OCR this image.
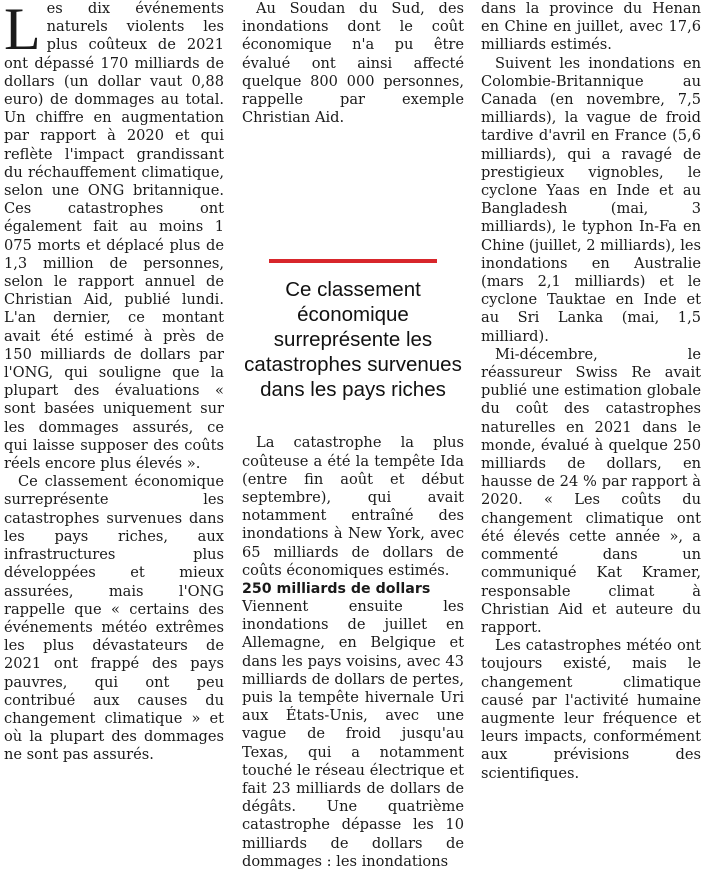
Les dix événements naturels violents les plus coûteux de 2021 ont dépassé 170 milliards de dollars (un dollar vaut 0,88 euro) de dommages au total. Un chiffre en augmentation par rapport à 2020 et qui reflète l'impact grandissant du réchauffement climatique, selon une ONG britannique. Ces catastrophes ont également fait au moins 1 075 morts et déplacé plus de 1,3 million de personnes, selon le rapport annuel de Christian Aid, publié lundi. L'an dernier, ce montant avait été estimé à près de 150 milliards de dollars par l'ONG, qui souligne que la plupart des évaluations « sont basées uniquement sur les dommages assurés, ce qui laisse supposer des coûts réels encore plus élevés ».

Ce classement économique surreprésente les catastrophes survenues dans les pays riches, aux infrastructures plus développées et mieux assurées, mais l'ONG rappelle que « certains des événements météo extrêmes les plus dévastateurs de 2021 ont frappé des pays pauvres, qui ont peu contribué aux causes du changement climatique » et où la plupart des dommages ne sont pas assurés.

Au Soudan du Sud, des inondations dont le coût économique n'a pu être évalué ont ainsi affecté quelque 800 000 personnes, rappelle par exemple Christian Aid.

Ce classement économique surreprésente les catastrophes survenues dans les pays riches

La catastrophe la plus coûteuse a été la tempête Ida (entre fin août et début septembre), qui avait notamment entraîné des inondations à New York, avec 65 milliards de dollars de coûts économiques estimés.

250 milliards de dollars

Viennent ensuite les inondations de juillet en Allemagne, en Belgique et dans les pays voisins, avec 43 milliards de dollars de pertes, puis la tempête hivernale Uri aux États-Unis, avec une vague de froid jusqu'au Texas, qui a notamment touché le réseau électrique et fait 23 milliards de dollars de dégâts. Une quatrième catastrophe dépasse les 10 milliards de dollars de dommages : les inondations

dans la province du Henan en Chine en juillet, avec 17,6 milliards estimés.

Suivent les inondations en Colombie-Britannique au Canada (en novembre, 7,5 milliards), la vague de froid tardive d'avril en France (5,6 milliards), qui a ravagé de prestigieux vignobles, le cyclone Yaas en Inde et au Bangladesh (mai, 3 milliards), le typhon In-Fa en Chine (juillet, 2 milliards), les inondations en Australie (mars 2,1 milliards) et le cyclone Tauktae en Inde et au Sri Lanka (mai, 1,5 milliard).

Mi-décembre, le réassureur Swiss Re avait publié une estimation globale du coût des catastrophes naturelles en 2021 dans le monde, évalué à quelque 250 milliards de dollars, en hausse de 24 % par rapport à 2020. « Les coûts du changement climatique ont été élevés cette année », a commenté dans un communiqué Kat Kramer, responsable climat à Christian Aid et auteure du rapport.

Les catastrophes météo ont toujours existé, mais le changement climatique causé par l'activité humaine augmente leur fréquence et leurs impacts, conformément aux prévisions des scientifiques.
